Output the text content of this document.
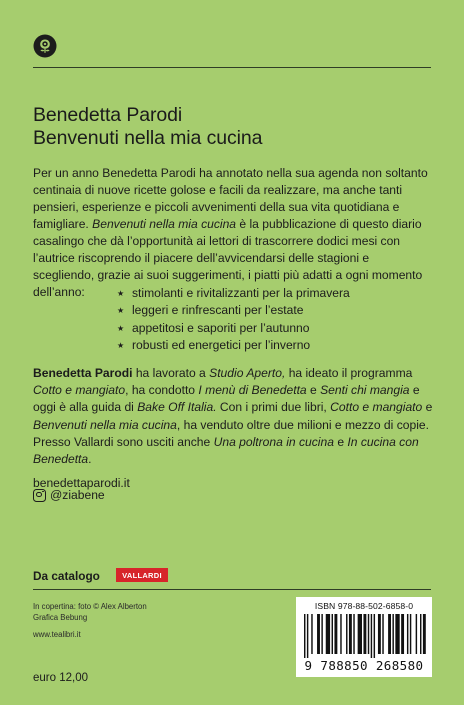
Benedetta Parodi
Benvenuti nella mia cucina

Per un anno Benedetta Parodi ha annotato nella sua agenda non soltanto centinaia di nuove ricette golose e facili da realizzare, ma anche tanti pensieri, esperienze e piccoli avvenimenti della sua vita quotidiana e famigliare. Benvenuti nella mia cucina è la pubblicazione di questo diario casalingo che dà l’opportunità ai lettori di trascorrere dodici mesi con l’autrice riscoprendo il piacere dell’avvicendarsi delle stagioni e scegliendo, grazie ai suoi suggerimenti, i piatti più adatti a ogni momento dell’anno:	★ stimolanti e rivitalizzanti per la primavera
★ leggeri e rinfrescanti per l’estate
★ appetitosi e saporiti per l’autunno
★ robusti ed energetici per l’inverno

Benedetta Parodi ha lavorato a Studio Aperto, ha ideato il programma Cotto e mangiato, ha condotto I menù di Benedetta e Senti chi mangia e oggi è alla guida di Bake Off Italia. Con i primi due libri, Cotto e mangiato e Benvenuti nella mia cucina, ha venduto oltre due milioni e mezzo di copie. Presso Vallardi sono usciti anche Una poltrona in cucina e In cucina con Benedetta.

benedettaparodi.it
@ziabene
Da catalogo	VALLARDI
In copertina: foto © Alex Alberton
Grafica Bebung
www.tealibri.it
euro 12,00
ISBN 978-88-502-6858-0
9 788850 268580
